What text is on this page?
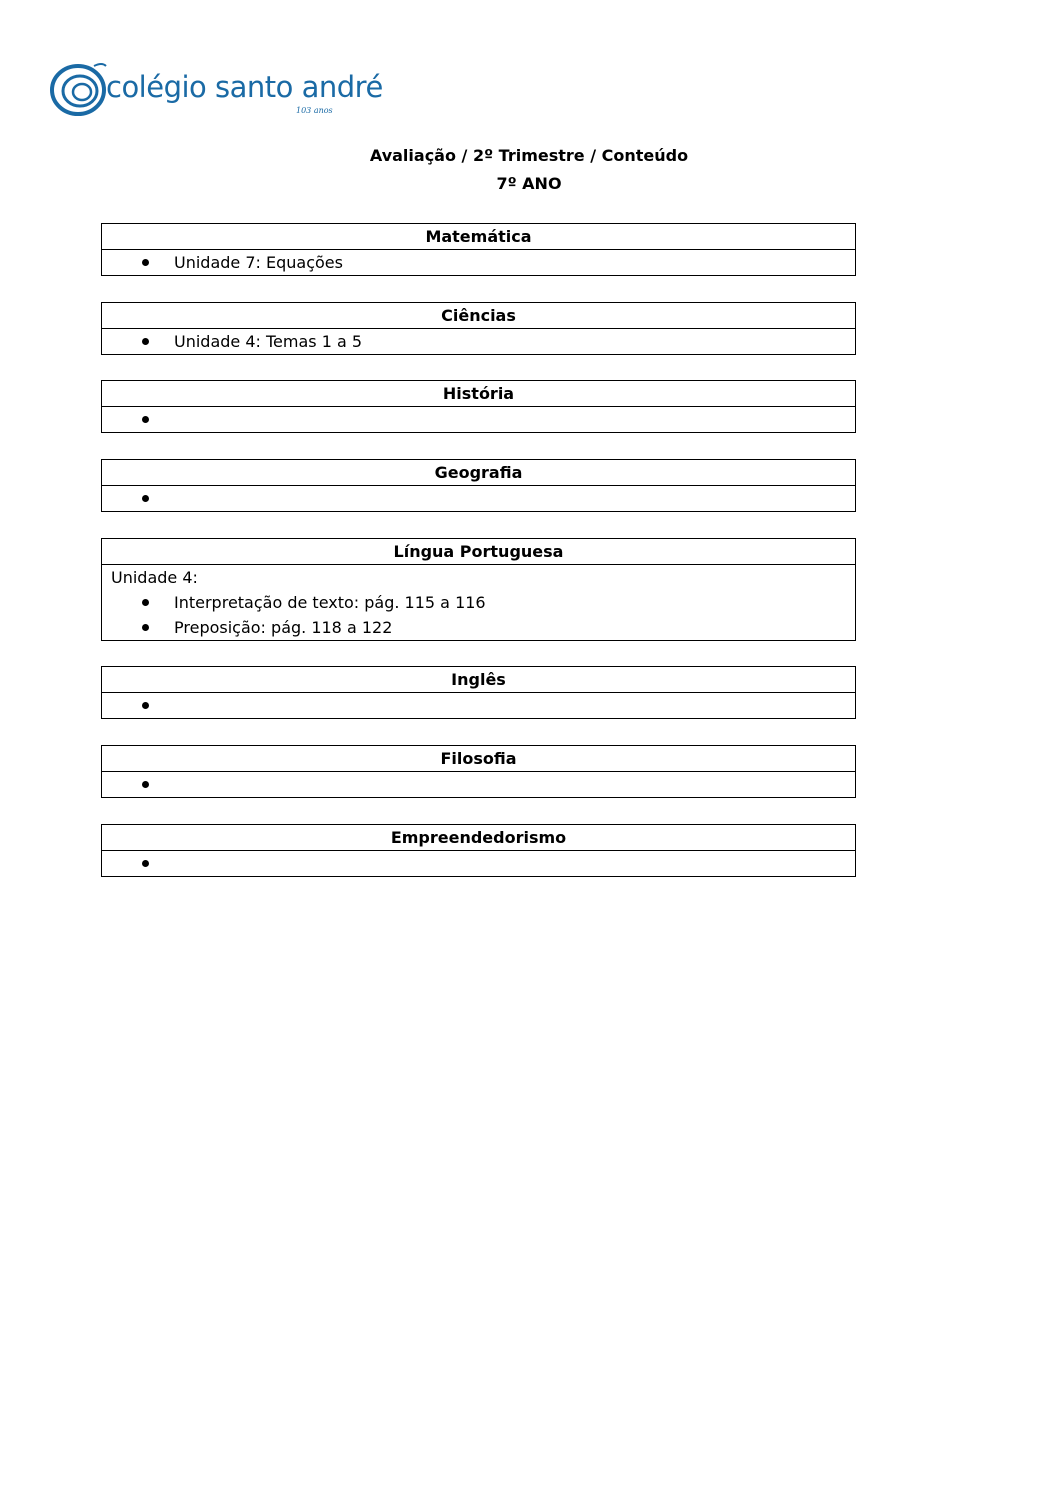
colégio santo andré
103 anos
Avaliação / 2º Trimestre / Conteúdo
7º ANO
Matemática
Unidade 7: Equações
Ciências
Unidade 4: Temas 1 a 5
História
Geografia
Língua Portuguesa
Unidade 4:
Interpretação de texto: pág. 115 a 116
Preposição: pág. 118 a 122
Inglês
Filosofia
Empreendedorismo
